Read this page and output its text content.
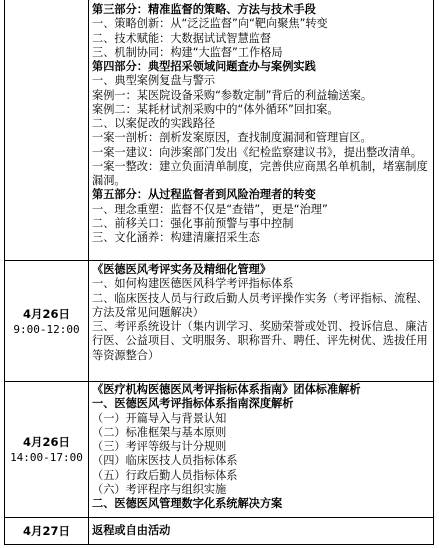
第三部分：精准监督的策略、方法与技术手段
一、策略创新：从“泛泛监督”向“靶向聚焦”转变
二、技术赋能：大数据试试智慧监督
三、机制协同：构建“大监督”工作格局
第四部分：典型招采领域问题查办与案例实践
一、典型案例复盘与警示
案例一：某医院设备采购“参数定制”背后的利益输送案。
案例二：某耗材试剂采购中的“体外循环”回扣案。
二、以案促改的实践路径
一案一剖析：剖析发案原因，查找制度漏洞和管理盲区。
一案一建议：向涉案部门发出《纪检监察建议书》，提出整改清单。
一案一整改：建立负面清单制度，完善供应商黑名单机制，堵塞制度漏洞。
第五部分：从过程监督者到风险治理者的转变
一、理念重塑：监督不仅是“查错”，更是“治理”
二、前移关口：强化事前预警与事中控制
三、文化涵养：构建清廉招采生态
4月26日
9:00-12:00
《医德医风考评实务及精细化管理》
一、如何构建医德医风科学考评指标体系
二、临床医技人员与行政后勤人员考评操作实务（考评指标、流程、方法及常见问题解决）
三、考评系统设计（集内训学习、奖励荣誉或处罚、投诉信息、廉洁行医、公益项目、文明服务、职称晋升、聘任、评先树优、选拔任用等资源整合）
4月26日
14:00-17:00
《医疗机构医德医风考评指标体系指南》团体标准解析
一、医德医风考评指标体系指南深度解析
（一）开篇导入与背景认知
（二）标准框架与基本原则
（三）考评等级与计分规则
（四）临床医技人员指标体系
（五）行政后勤人员指标体系
（六）考评程序与组织实施
二、医德医风管理数字化系统解决方案
4月27日 返程或自由活动
